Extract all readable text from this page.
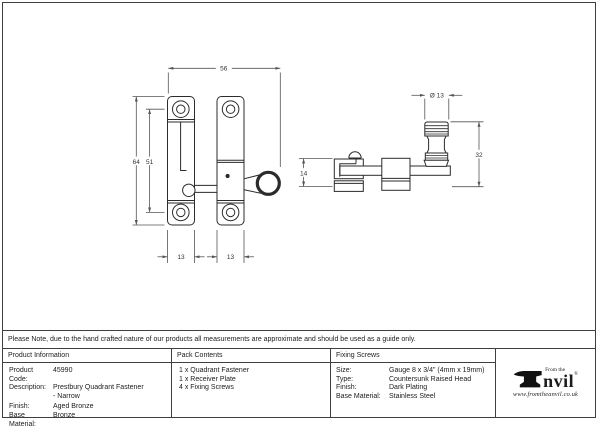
56
64 51
13	13
Ø 13
32
14
Please Note, due to the hand crafted nature of our products all measurements are approximate and should be used as a guide only.
Product Information
Product Code:
45990
Description:	Prestbury Quadrant Fastener
- Narrow
Finish:	Aged Bronze
Base Material:
Bronze
Pack Contents
1 x Quadrant Fastener
1 x Receiver Plate
4 x Fixing Screws
Fixing Screws
Size:	Gauge 8 x 3/4" (4mm x 19mm)
Type:	Countersunk Raised Head
Finish:	Dark Plating
Base Material:	Stainless Steel
From the
nvil ®
www.fromtheanvil.co.uk
